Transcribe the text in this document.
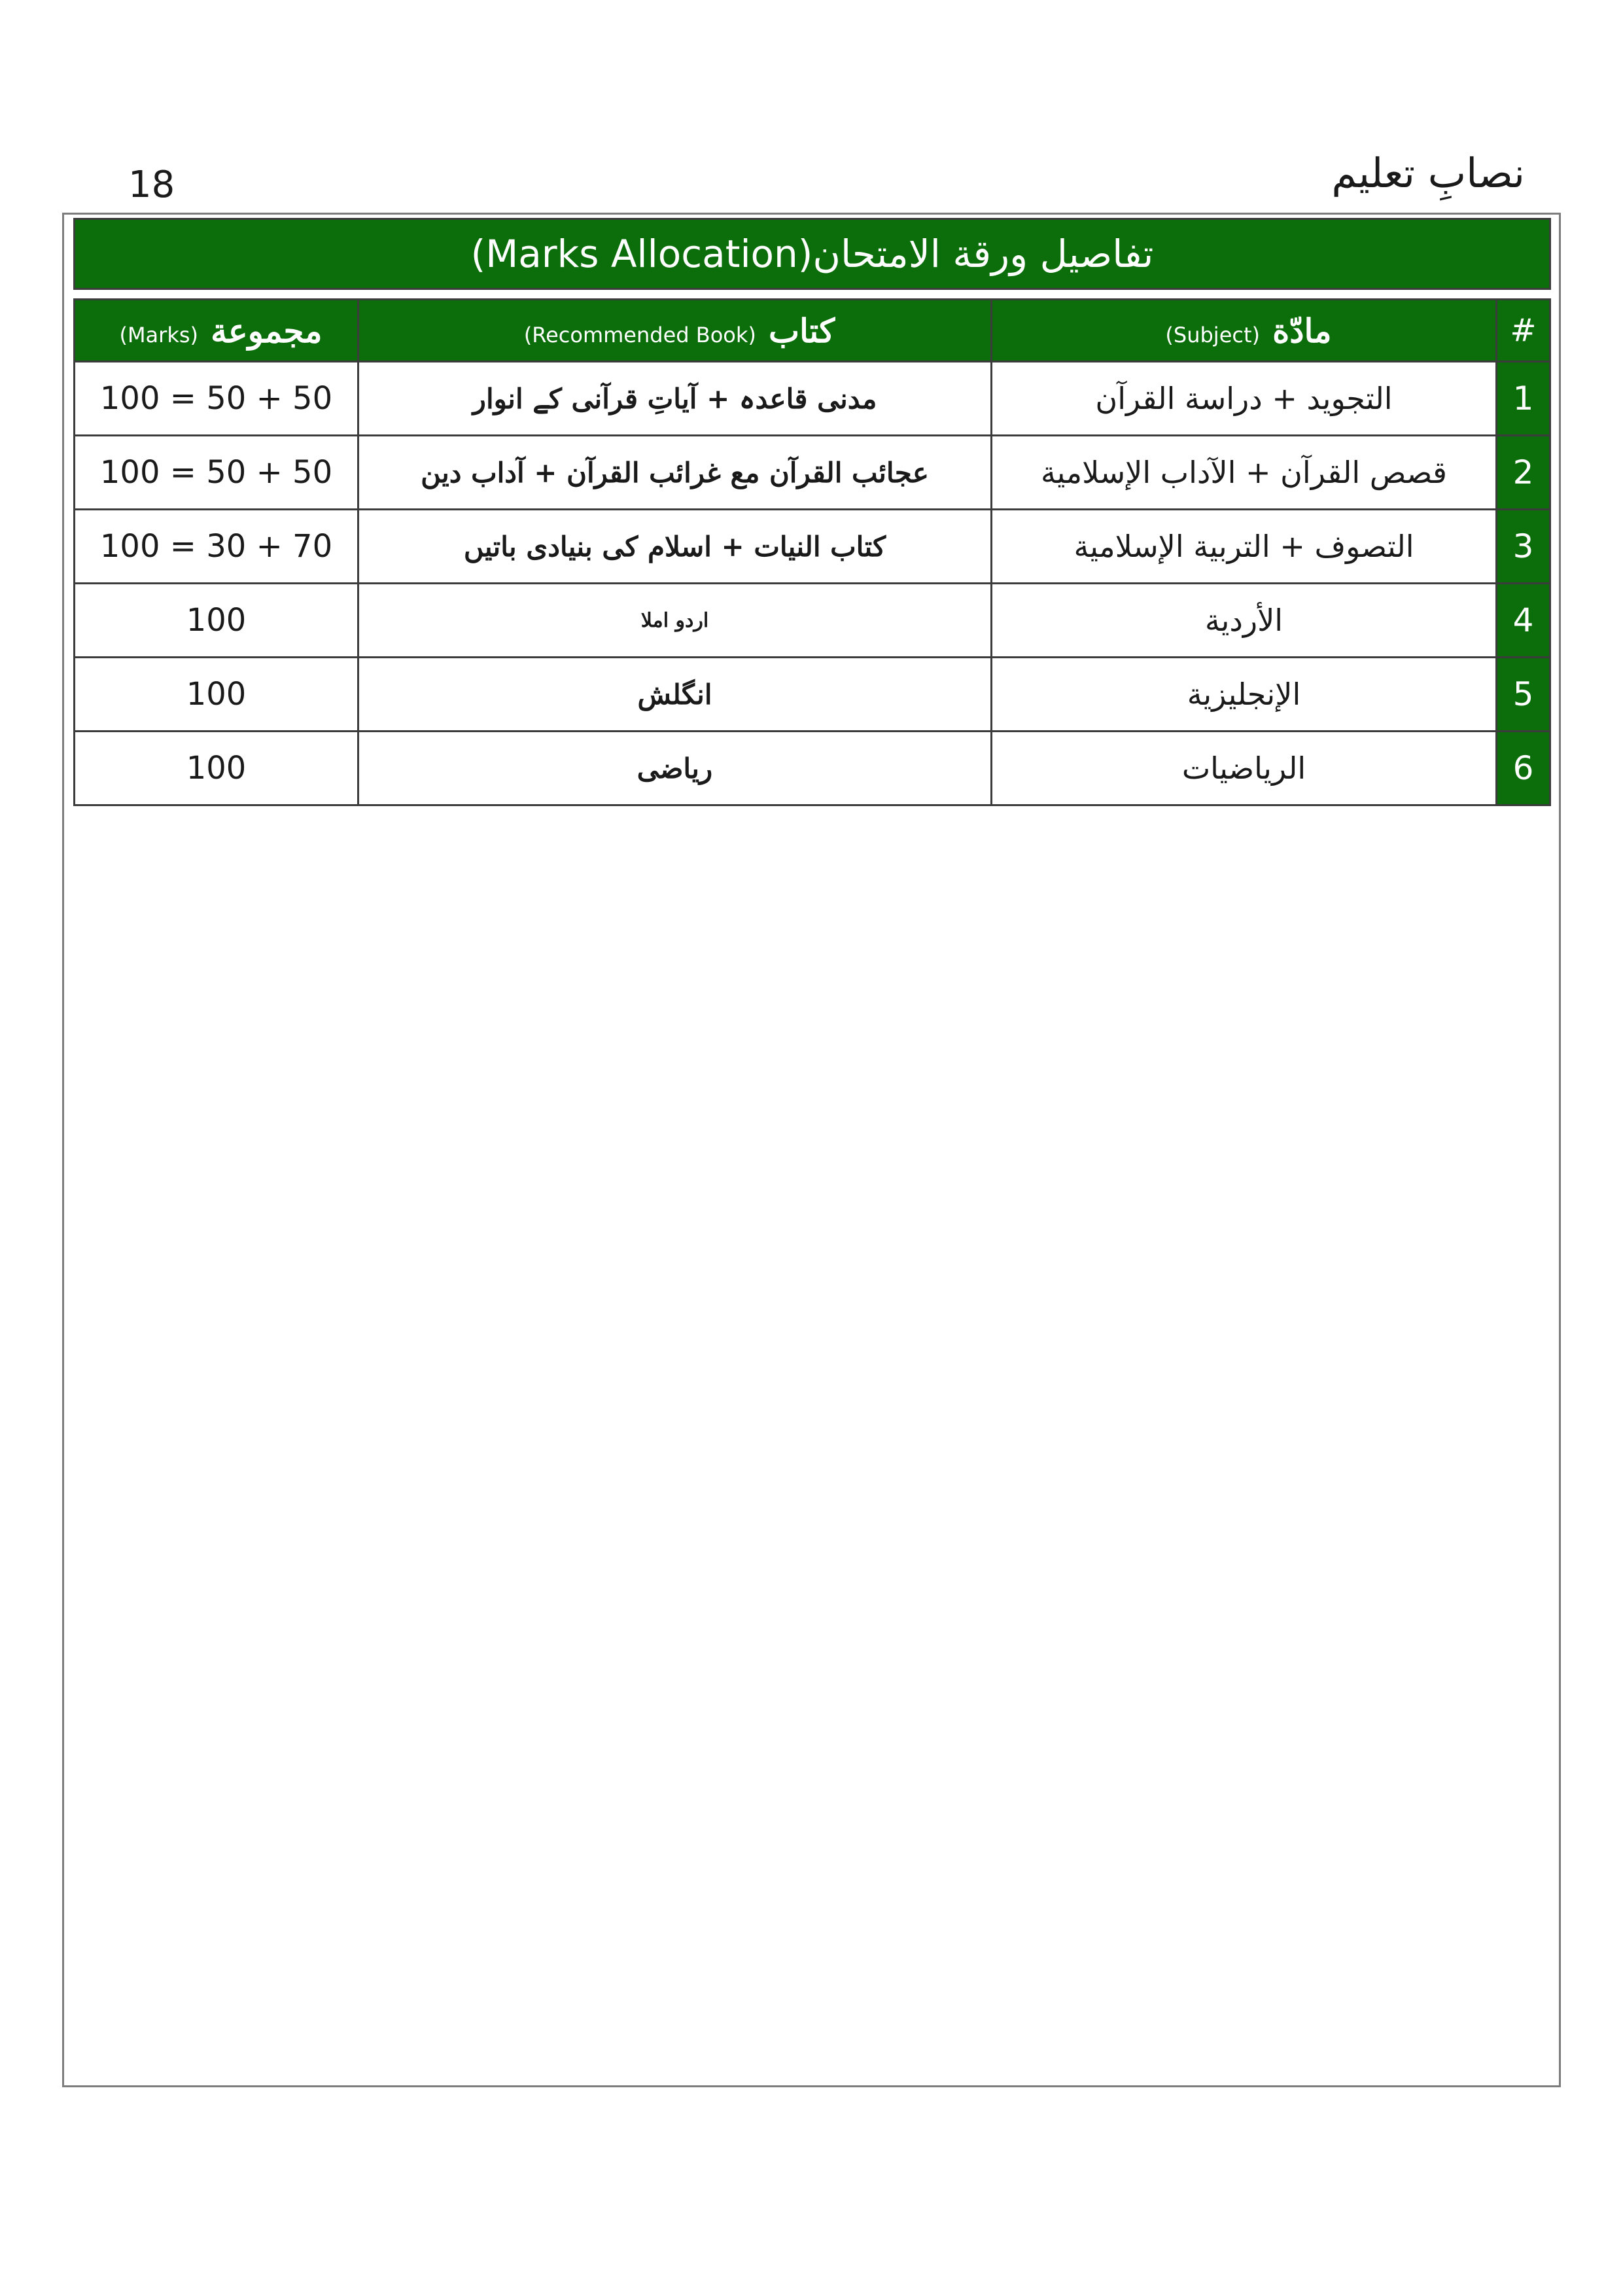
18	نصابِ تعلیم
تفاصیل ورقة الامتحان(Marks Allocation)
#	مادّة (Subject)	کتاب (Recommended Book)	مجموعة (Marks)
1	التجوید + دراسة القرآن	مدنی قاعدہ + آیاتِ قرآنی کے انوار	100 = 50 + 50
2	قصص القرآن + الآداب الإسلامیة	عجائب القرآن مع غرائب القرآن + آداب دین	100 = 50 + 50
3	التصوف + التربیة الإسلامیة	کتاب النیات + اسلام کی بنیادی باتیں	100 = 30 + 70
4	الأردیة	اردو املا	100
5	الإنجلیزیة	انگلش	100
6	الریاضیات	ریاضی	100
